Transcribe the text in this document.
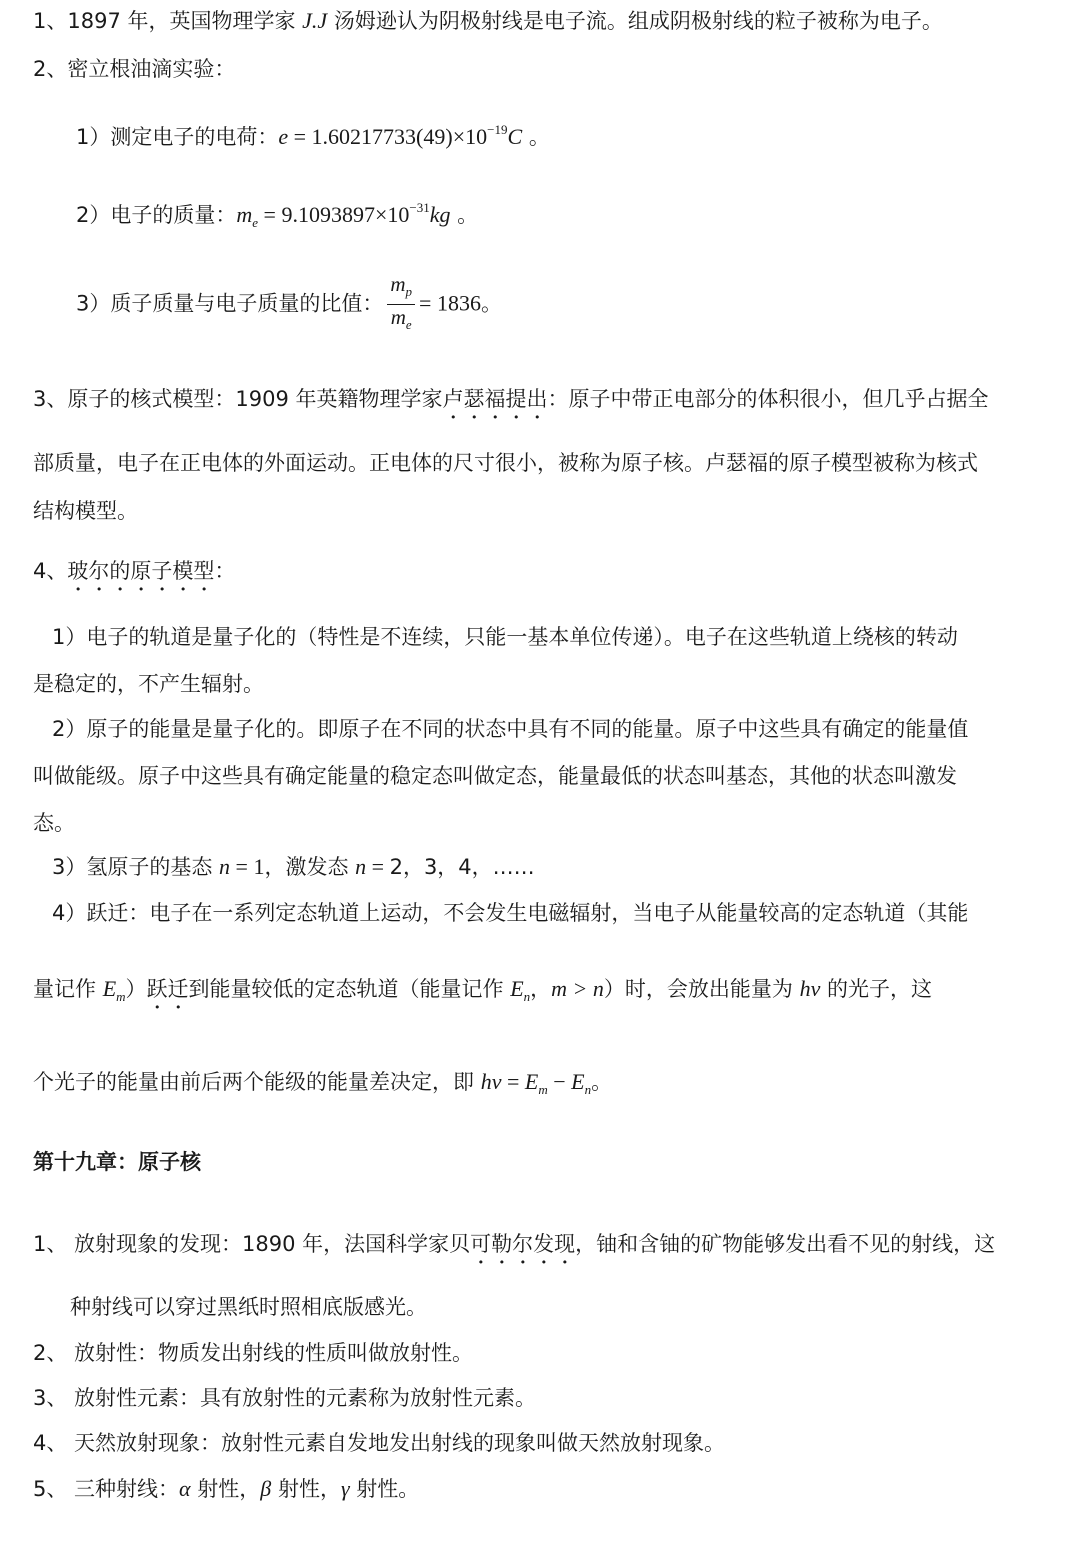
1、1897 年，英国物理学家 J.J 汤姆逊认为阴极射线是电子流。组成阴极射线的粒子被称为电子。
2、密立根油滴实验：
1）测定电子的电荷：$e = 1.60217733(49)\times 10^{-19}C$ 。
2）电子的质量：$m_e = 9.1093897\times 10^{-31}kg$ 。
3）质子质量与电子质量的比值： $\frac{m_p}{m_e} = 1836$。
3、原子的核式模型：1909 年英籍物理学家卢瑟福提出：原子中带正电部分的体积很小，但几乎占据全
部质量，电子在正电体的外面运动。正电体的尺寸很小，被称为原子核。卢瑟福的原子模型被称为核式
结构模型。
4、玻尔的原子模型：
1）电子的轨道是量子化的（特性是不连续，只能一基本单位传递）。电子在这些轨道上绕核的转动
是稳定的，不产生辐射。
2）原子的能量是量子化的。即原子在不同的状态中具有不同的能量。原子中这些具有确定的能量值
叫做能级。原子中这些具有确定能量的稳定态叫做定态，能量最低的状态叫基态，其他的状态叫激发
态。
3）氢原子的基态 n = 1，激发态 n = 2，3，4，……
4）跃迁：电子在一系列定态轨道上运动，不会发生电磁辐射，当电子从能量较高的定态轨道（其能
量记作 $E_m$）跃迁到能量较低的定态轨道（能量记作 $E_n$，m > n）时，会放出能量为 hν 的光子，这
个光子的能量由前后两个能级的能量差决定，即 $h\nu = E_m - E_n$。
第十九章：原子核
1、 放射现象的发现：1890 年，法国科学家贝可勒尔发现，铀和含铀的矿物能够发出看不见的射线，这
种射线可以穿过黑纸时照相底版感光。
2、 放射性：物质发出射线的性质叫做放射性。
3、 放射性元素：具有放射性的元素称为放射性元素。
4、 天然放射现象：放射性元素自发地发出射线的现象叫做天然放射现象。
5、 三种射线：α 射性，β 射性，γ 射性。
